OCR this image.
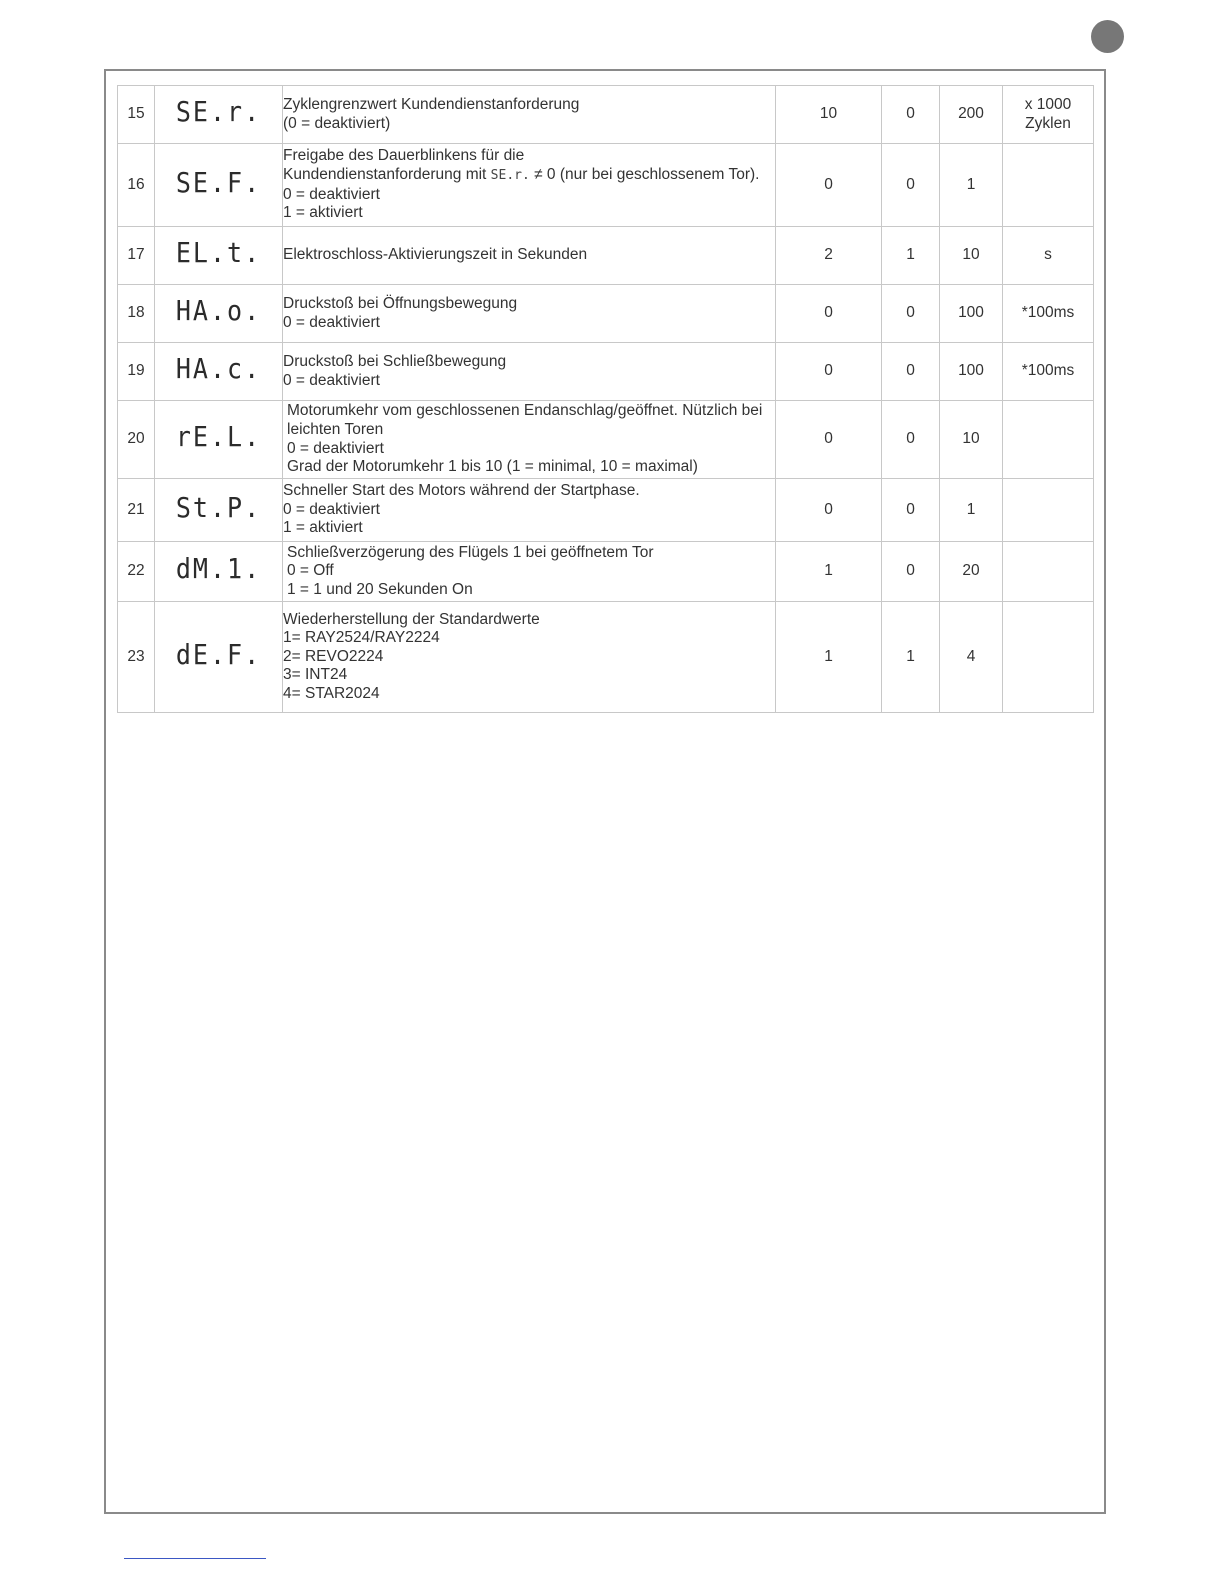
15	SE.r.	Zyklengrenzwert Kundendienstanforderung
(0 = deaktiviert)	10	0	200	x 1000
Zyklen

16	SE.F.	Freigabe des Dauerblinkens für die
Kundendienstanforderung mit SE.r. ≠ 0 (nur bei geschlossenem Tor).
0 = deaktiviert
1 = aktiviert	0	0	1	
17	EL.t.	Elektroschloss-Aktivierungszeit in Sekunden	2	1	10	s
18	HA.o.	Druckstoß bei Öffnungsbewegung
0 = deaktiviert	0	0	100	*100ms
19	HA.c.	Druckstoß bei Schließbewegung
0 = deaktiviert	0	0	100	*100ms
20	rE.L.	Motorumkehr vom geschlossenen Endanschlag/geöffnet. Nützlich bei
leichten Toren
0 = deaktiviert
Grad der Motorumkehr 1 bis 10 (1 = minimal, 10 = maximal)	0	0	10	
21	St.P.	Schneller Start des Motors während der Startphase.
0 = deaktiviert
1 = aktiviert	0	0	1	
22	dM.1.	Schließverzögerung des Flügels 1 bei geöffnetem Tor
0 = Off
1 = 1 und 20 Sekunden On	1	0	20	
23	dE.F.	Wiederherstellung der Standardwerte
1= RAY2524/RAY2224
2= REVO2224
3= INT24
4= STAR2024	1	1	4	
